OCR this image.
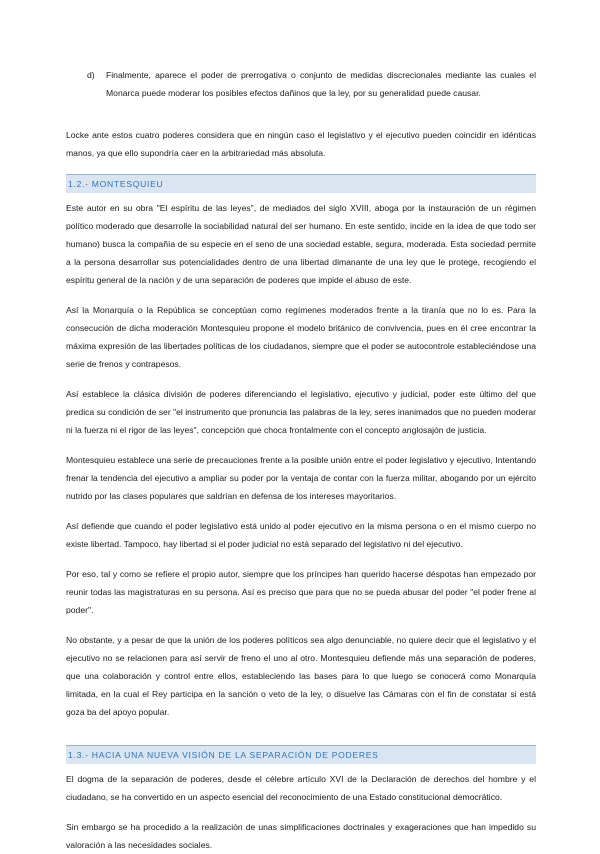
d) Finalmente, aparece el poder de prerrogativa o conjunto de medidas discrecionales mediante las cuales el Monarca puede moderar los posibles efectos dañinos que la ley, por su generalidad puede causar.

Locke ante estos cuatro poderes considera que en ningún caso el legislativo y el ejecutivo pueden coincidir en idénticas manos, ya que ello supondría caer en la arbitrariedad más absoluta.

1.2.- MONTESQUIEU

Este autor en su obra "El espíritu de las leyes", de mediados del siglo XVIII, aboga por la instauración de un régimen político moderado que desarrolle la sociabilidad natural del ser humano. En este sentido, incide en la idea de que todo ser humano) busca la compañía de su especie en el seno de una sociedad estable, segura, moderada. Esta sociedad permite a la persona desarrollar sus potencialidades dentro de una libertad dimanante de una ley que le protege, recogiendo el espíritu general de la nación y de una separación de poderes que impide el abuso de este.

Así la Monarquía o la República se conceptúan como regímenes moderados frente a la tiranía que no lo es. Para la consecución de dicha moderación Montesquieu propone el modelo británico de convivencia, pues en él cree encontrar la máxima expresión de las libertades políticas de los ciudadanos, siempre que el poder se autocontrole estableciéndose una serie de frenos y contrapesos.

Así establece la clásica división de poderes diferenciando el legislativo, ejecutivo y judicial, poder este último del que predica su condición de ser "el instrumento que pronuncia las palabras de la ley, seres inanimados que no pueden moderar ni la fuerza ni el rigor de las leyes", concepción que choca frontalmente con el concepto anglosajón de justicia.

Montesquieu establece una serie de precauciones frente a la posible unión entre el poder legislativo y ejecutivo, Intentando frenar la tendencia del ejecutivo a ampliar su poder por la ventaja de contar con la fuerza militar, abogando por un ejército nutrido por las clases populares que saldrían en defensa de los intereses mayoritarios.

Así defiende que cuando el poder legislativo está unido al poder ejecutivo en la misma persona o en el mismo cuerpo no existe libertad. Tampoco, hay libertad si el poder judicial no está separado del legislativo ni del ejecutivo.

Por eso, tal y como se refiere el propio autor, siempre que los príncipes han querido hacerse déspotas han empezado por reunir todas las magistraturas en su persona. Así es preciso que para que no se pueda abusar del poder "el poder frene al poder".

No obstante, y a pesar de que la unión de los poderes políticos sea algo denunciable, no quiere decir que el legislativo y el ejecutivo no se relacionen para así servir de freno el uno al otro. Montesquieu defiende más una separación de poderes, que una colaboración y control entre ellos, estableciendo las bases para lo que luego se conocerá como Monarquía limitada, en la cual el Rey participa en la sanción o veto de la ley, o disuelve las Cámaras con el fin de constatar si está goza ba del apoyo popular.

1.3.- HACIA UNA NUEVA VISIÓN DE LA SEPARACIÓN DE PODERES

El dogma de la separación de poderes, desde el célebre artículo XVI de la Declaración de derechos del hombre y el ciudadano, se ha convertido en un aspecto esencial del reconocimiento de una Estado constitucional democrático.

Sin embargo se ha procedido a la realización de unas simplificaciones doctrinales y exageraciones que han impedido su valoración a las necesidades sociales.
